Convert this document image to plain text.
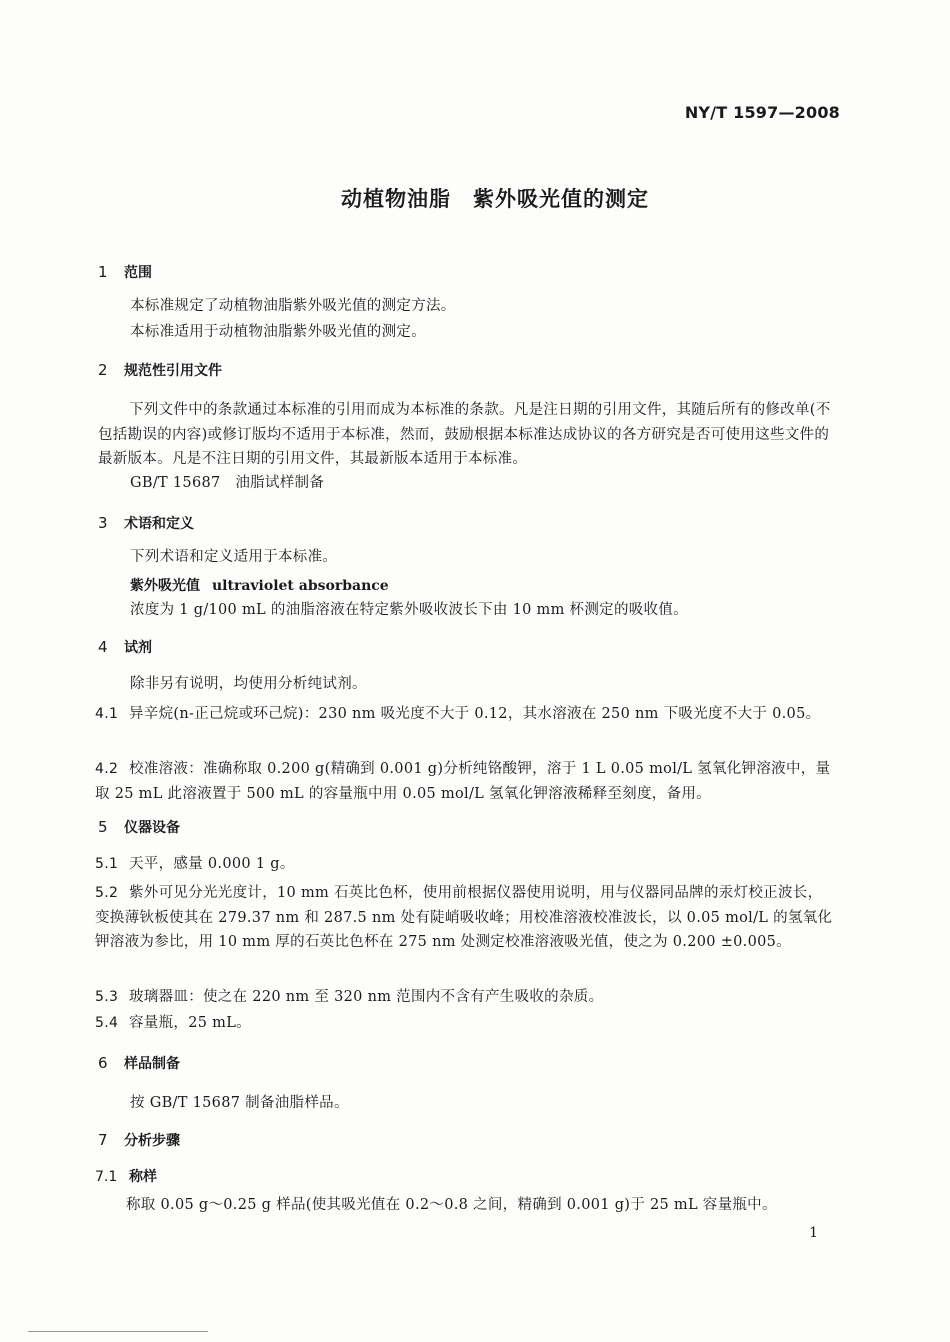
NY/T 1597—2008
动植物油脂 紫外吸光值的测定
1 范围
本标准规定了动植物油脂紫外吸光值的测定方法。
本标准适用于动植物油脂紫外吸光值的测定。
2 规范性引用文件
下列文件中的条款通过本标准的引用而成为本标准的条款。凡是注日期的引用文件，其随后所有的修改单(不包括勘误的内容)或修订版均不适用于本标准，然而，鼓励根据本标准达成协议的各方研究是否可使用这些文件的最新版本。凡是不注日期的引用文件，其最新版本适用于本标准。
GB/T 15687　油脂试样制备
3 术语和定义
下列术语和定义适用于本标准。
紫外吸光值 ultraviolet absorbance
浓度为 1 g/100 mL 的油脂溶液在特定紫外吸收波长下由 10 mm 杯测定的吸收值。
4 试剂
除非另有说明，均使用分析纯试剂。
4.1 异辛烷(n-正己烷或环己烷)：230 nm 吸光度不大于 0.12，其水溶液在 250 nm 下吸光度不大于 0.05。
4.2 校准溶液：准确称取 0.200 g(精确到 0.001 g)分析纯铬酸钾，溶于 1 L 0.05 mol/L 氢氧化钾溶液中，量取 25 mL 此溶液置于 500 mL 的容量瓶中用 0.05 mol/L 氢氧化钾溶液稀释至刻度，备用。
5 仪器设备
5.1 天平，感量 0.000 1 g。
5.2 紫外可见分光光度计，10 mm 石英比色杯，使用前根据仪器使用说明，用与仪器同品牌的汞灯校正波长，变换薄钬板使其在 279.37 nm 和 287.5 nm 处有陡峭吸收峰；用校准溶液校准波长，以 0.05 mol/L 的氢氧化钾溶液为参比，用 10 mm 厚的石英比色杯在 275 nm 处测定校准溶液吸光值，使之为 0.200 ±0.005。
5.3 玻璃器皿：使之在 220 nm 至 320 nm 范围内不含有产生吸收的杂质。
5.4 容量瓶，25 mL。
6 样品制备
按 GB/T 15687 制备油脂样品。
7 分析步骤
7.1 称样
称取 0.05 g～0.25 g 样品(使其吸光值在 0.2～0.8 之间，精确到 0.001 g)于 25 mL 容量瓶中。
1
